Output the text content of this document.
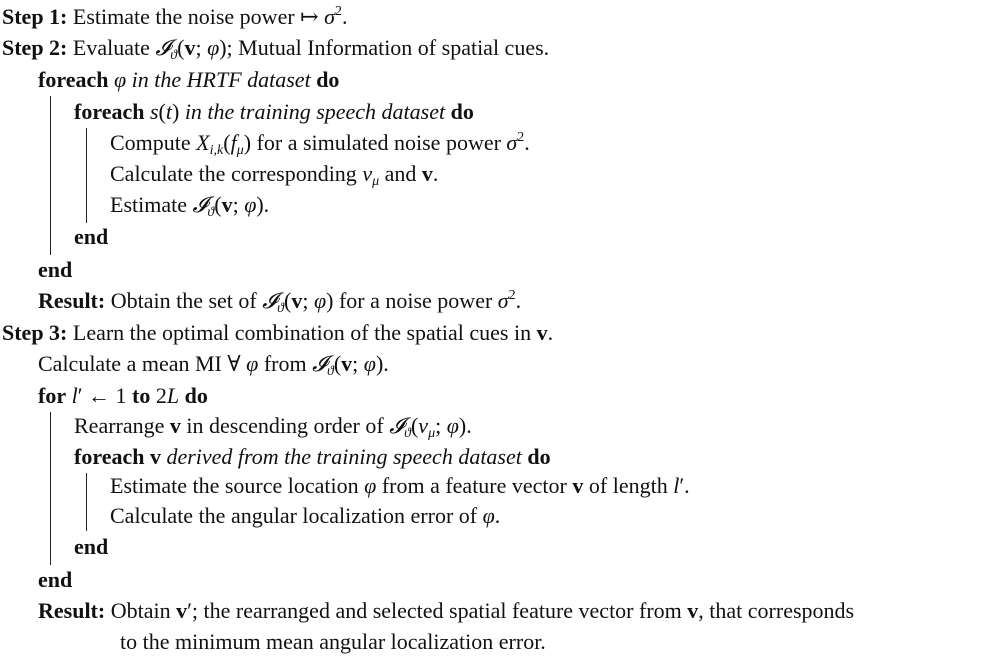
Step 1: Estimate the noise power ↦ $\sigma^2$.
Step 2: Evaluate 𝓘$_ϑ$(v; φ); Mutual Information of spatial cues.
foreach φ in the HRTF dataset do
foreach s(t) in the training speech dataset do
Compute $X_{i,k}(f_\mu)$ for a simulated noise power $\sigma^2$.
Calculate the corresponding $v_\mu$ and v.
Estimate 𝓘$_ϑ$(v; φ).
end
end
Result: Obtain the set of 𝓘$_ϑ$(v; φ) for a noise power $\sigma^2$.
Step 3: Learn the optimal combination of the spatial cues in v.
Calculate a mean MI ∀ φ from 𝓘$_ϑ$(v; φ).
for l′ ← 1 to 2L do
Rearrange v in descending order of $𝓘_ϑ(v_\mu$; φ).
foreach v derived from the training speech dataset do
Estimate the source location φ from a feature vector v of length l′.
Calculate the angular localization error of φ.
end
end
Result: Obtain v′; the rearranged and selected spatial feature vector from v, that corresponds
to the minimum mean angular localization error.
